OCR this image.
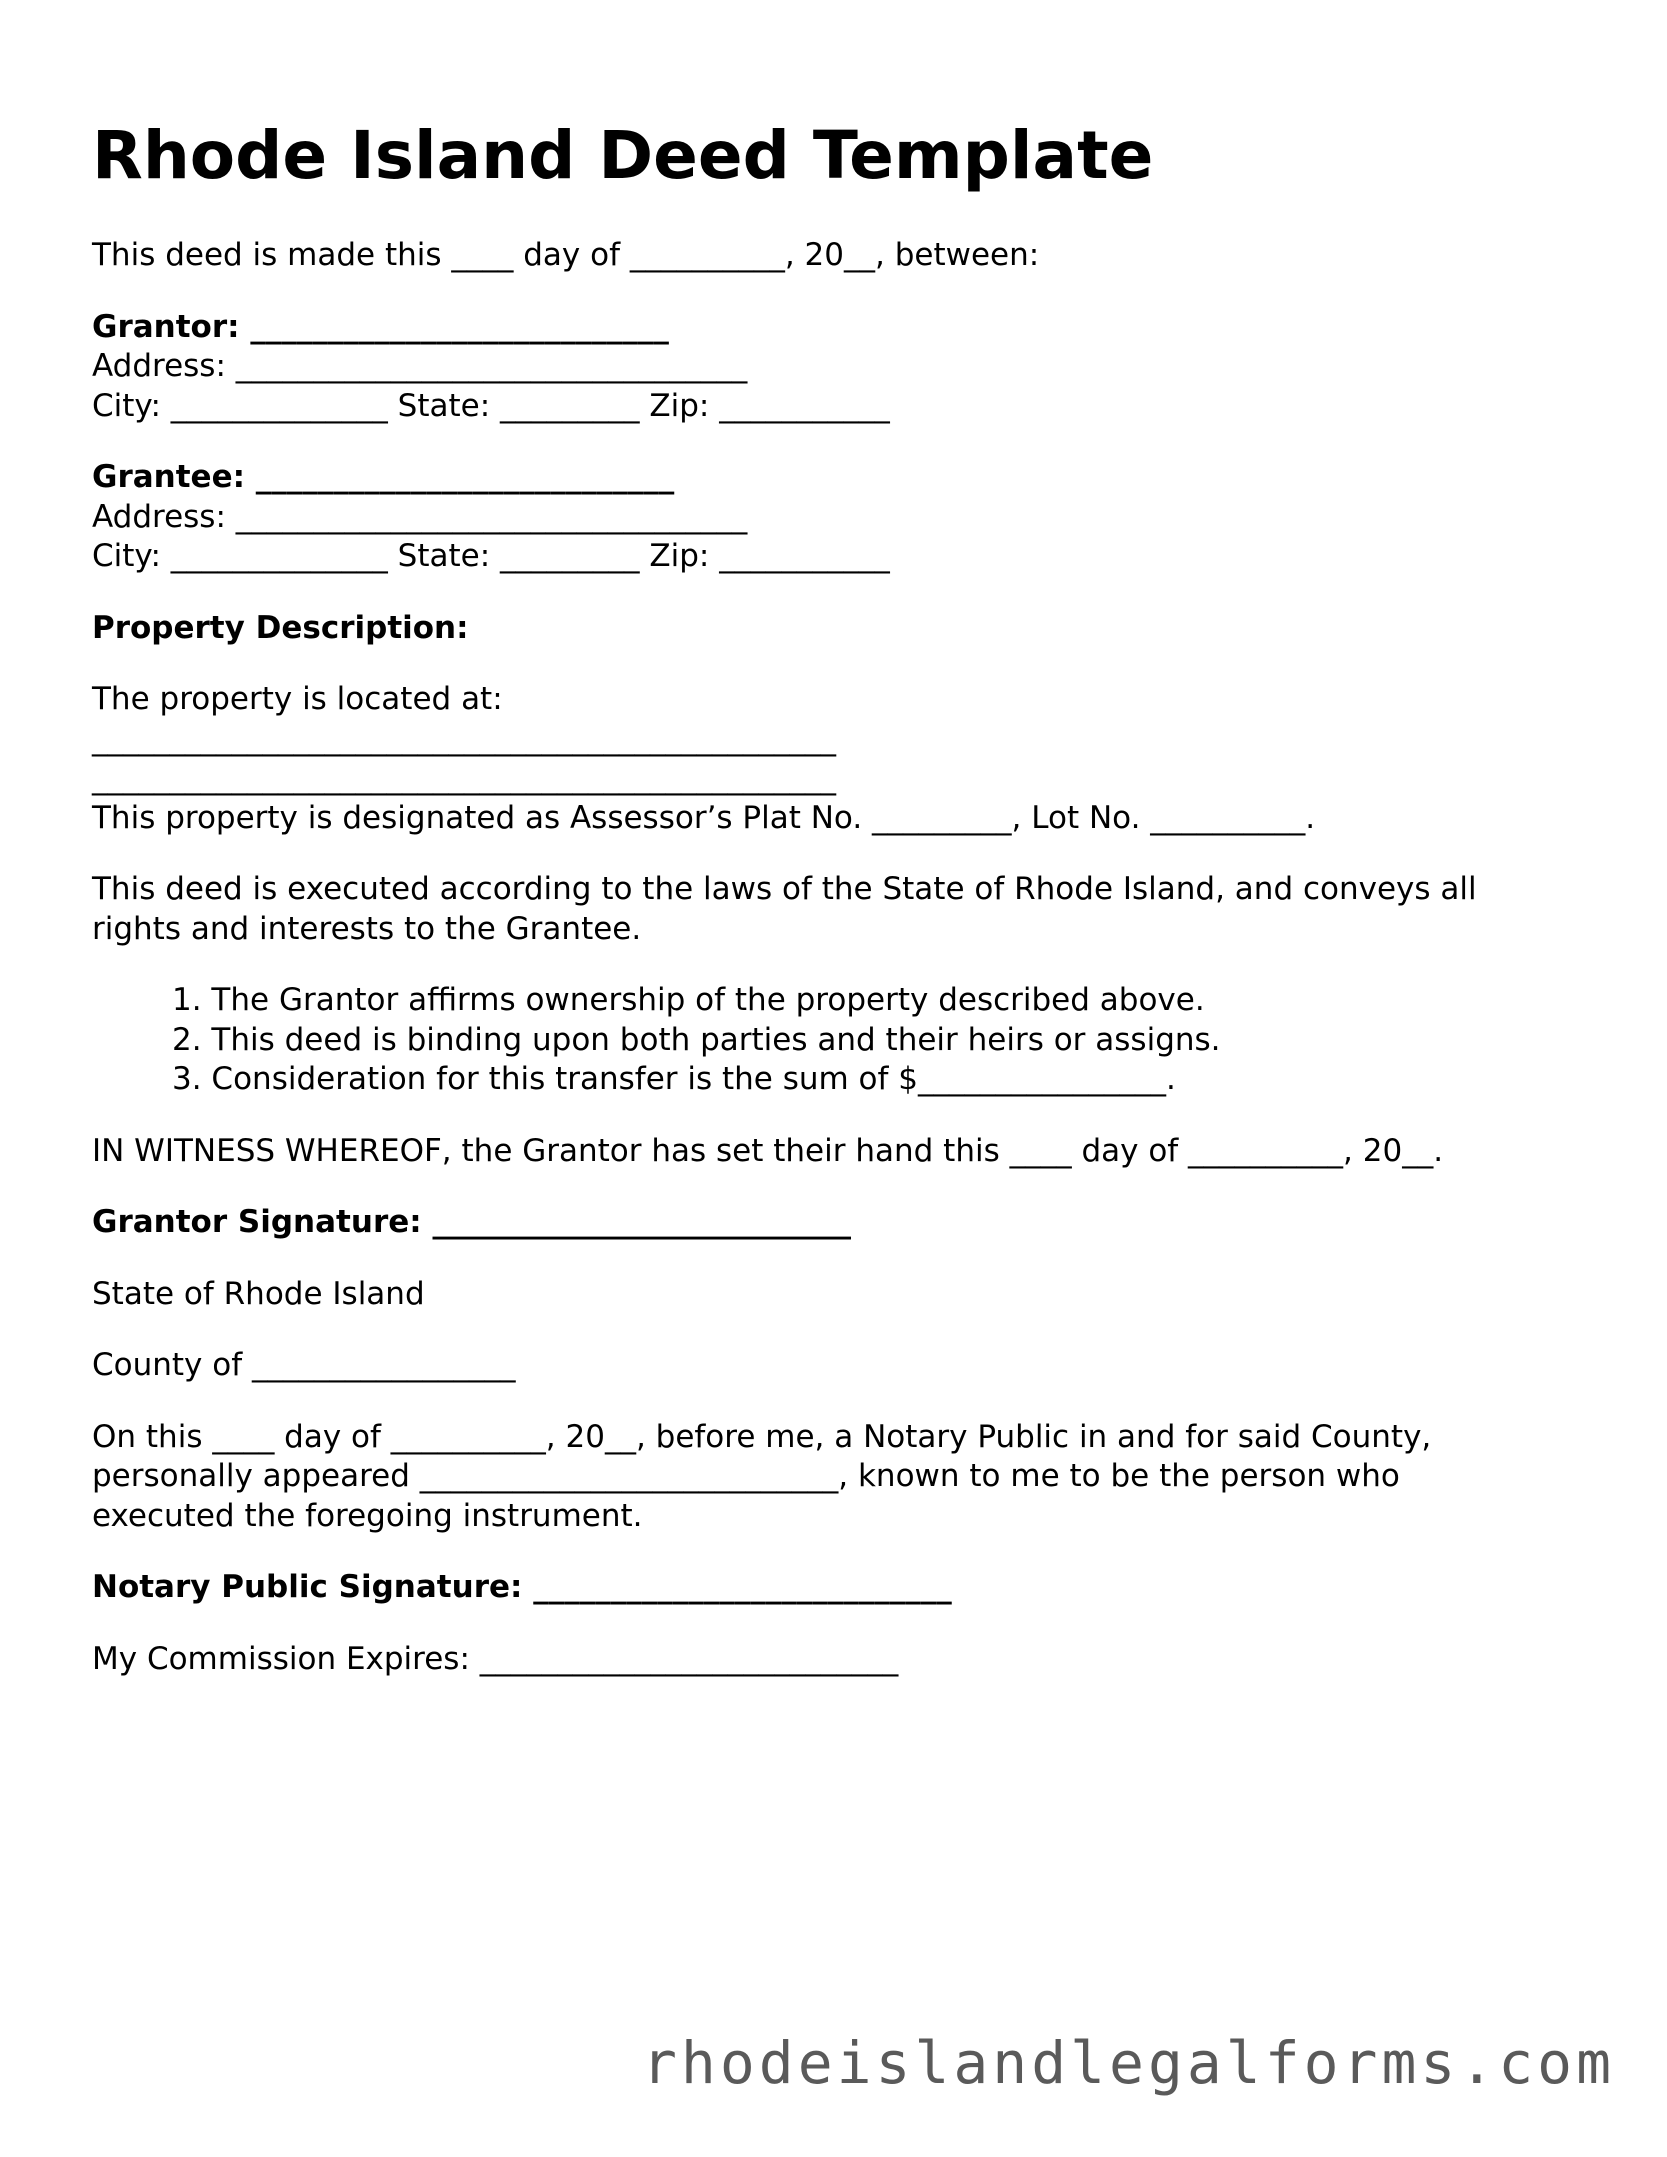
Rhode Island Deed Template
This deed is made this ____ day of __________, 20__, between:
Grantor: ___________________________
Address: _________________________________
City: ______________ State: _________ Zip: ___________
Grantee: ___________________________
Address: _________________________________
City: ______________ State: _________ Zip: ___________
Property Description:
The property is located at:
________________________________________________
________________________________________________
This property is designated as Assessor’s Plat No. _________, Lot No. __________.
This deed is executed according to the laws of the State of Rhode Island, and conveys all
rights and interests to the Grantee.
1. The Grantor affirms ownership of the property described above.
2. This deed is binding upon both parties and their heirs or assigns.
3. Consideration for this transfer is the sum of $________________.
IN WITNESS WHEREOF, the Grantor has set their hand this ____ day of __________, 20__.
Grantor Signature: ___________________________
State of Rhode Island
County of _________________
On this ____ day of __________, 20__, before me, a Notary Public in and for said County,
personally appeared ___________________________, known to me to be the person who
executed the foregoing instrument.
Notary Public Signature: ___________________________
My Commission Expires: ___________________________
rhodeislandlegalforms.com
